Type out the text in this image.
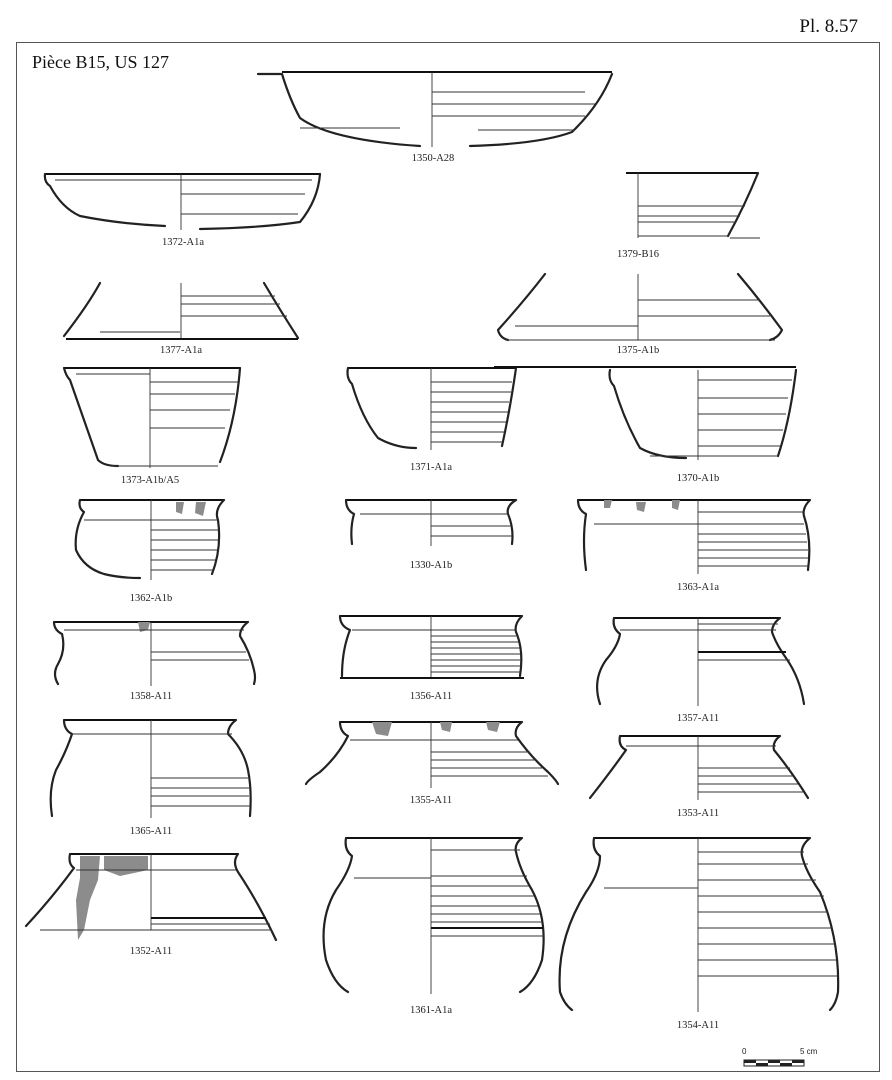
Pl. 8.57
Pièce B15, US 127
1350-A28
1372-A1a
1379-B16
1377-A1a	1375-A1b
1373-A1b/A5
1371-A1a
1370-A1b
1362-A1b
1330-A1b
1363-A1a
1358-A11	1356-A11
1357-A11
1365-A11
1355-A11
1353-A11
1352-A11
1361-A1a
1354-A11
0	5 cm
